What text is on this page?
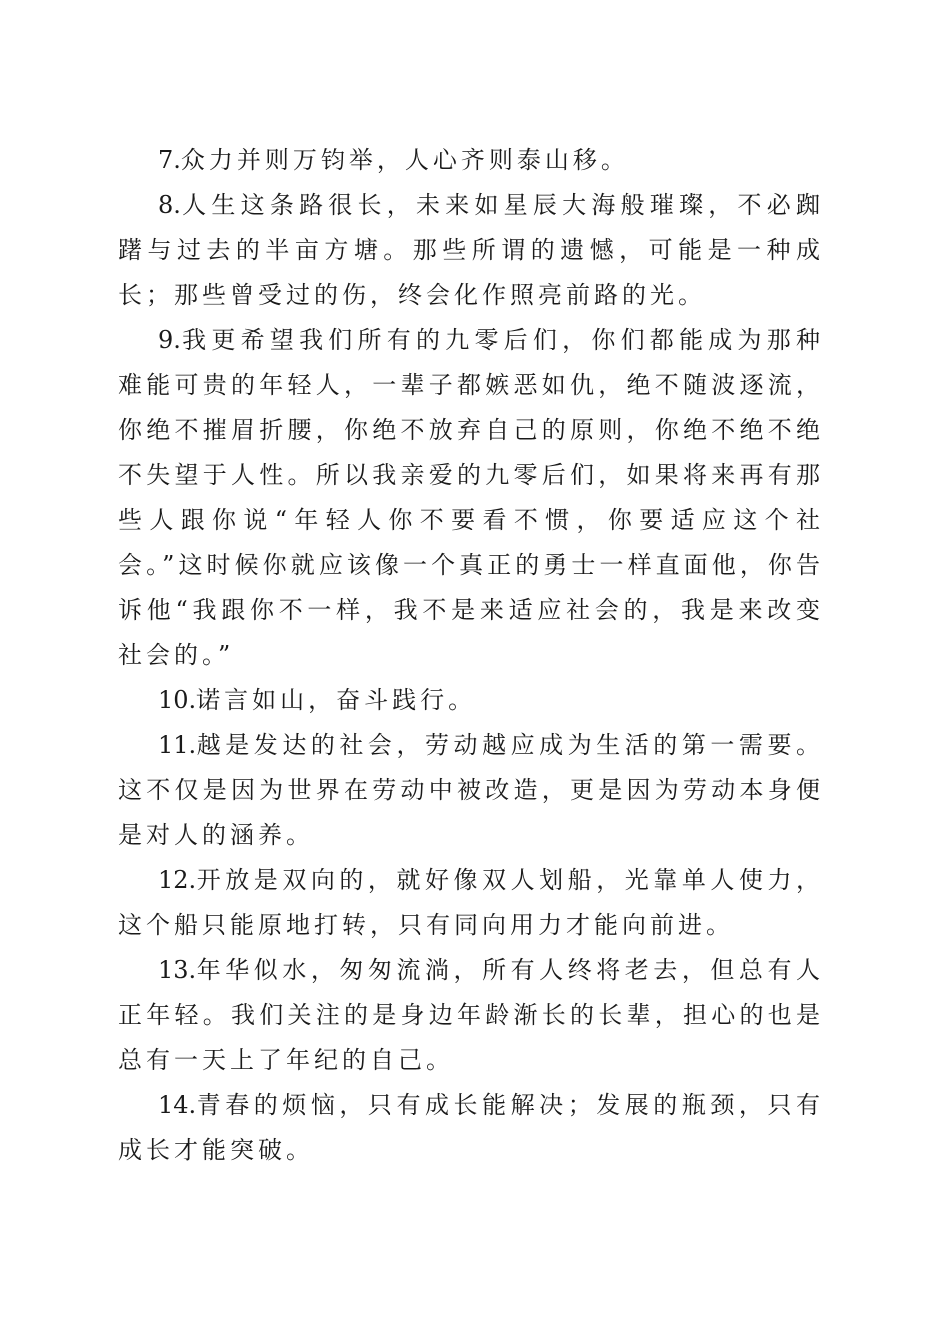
7.众力并则万钧举，人心齐则泰山移。

8.人生这条路很长，未来如星辰大海般璀璨，不必踟躇与过去的半亩方塘。那些所谓的遗憾，可能是一种成长；那些曾受过的伤，终会化作照亮前路的光。

9.我更希望我们所有的九零后们，你们都能成为那种难能可贵的年轻人，一辈子都嫉恶如仇，绝不随波逐流，你绝不摧眉折腰，你绝不放弃自己的原则，你绝不绝不绝不失望于人性。所以我亲爱的九零后们，如果将来再有那些人跟你说“年轻人你不要看不惯，你要适应这个社会。”这时候你就应该像一个真正的勇士一样直面他，你告诉他“我跟你不一样，我不是来适应社会的，我是来改变社会的。”

10.诺言如山，奋斗践行。

11.越是发达的社会，劳动越应成为生活的第一需要。这不仅是因为世界在劳动中被改造，更是因为劳动本身便是对人的涵养。

12.开放是双向的，就好像双人划船，光靠单人使力，这个船只能原地打转，只有同向用力才能向前进。

13.年华似水，匆匆流淌，所有人终将老去，但总有人正年轻。我们关注的是身边年龄渐长的长辈，担心的也是总有一天上了年纪的自己。

14.青春的烦恼，只有成长能解决；发展的瓶颈，只有成长才能突破。
